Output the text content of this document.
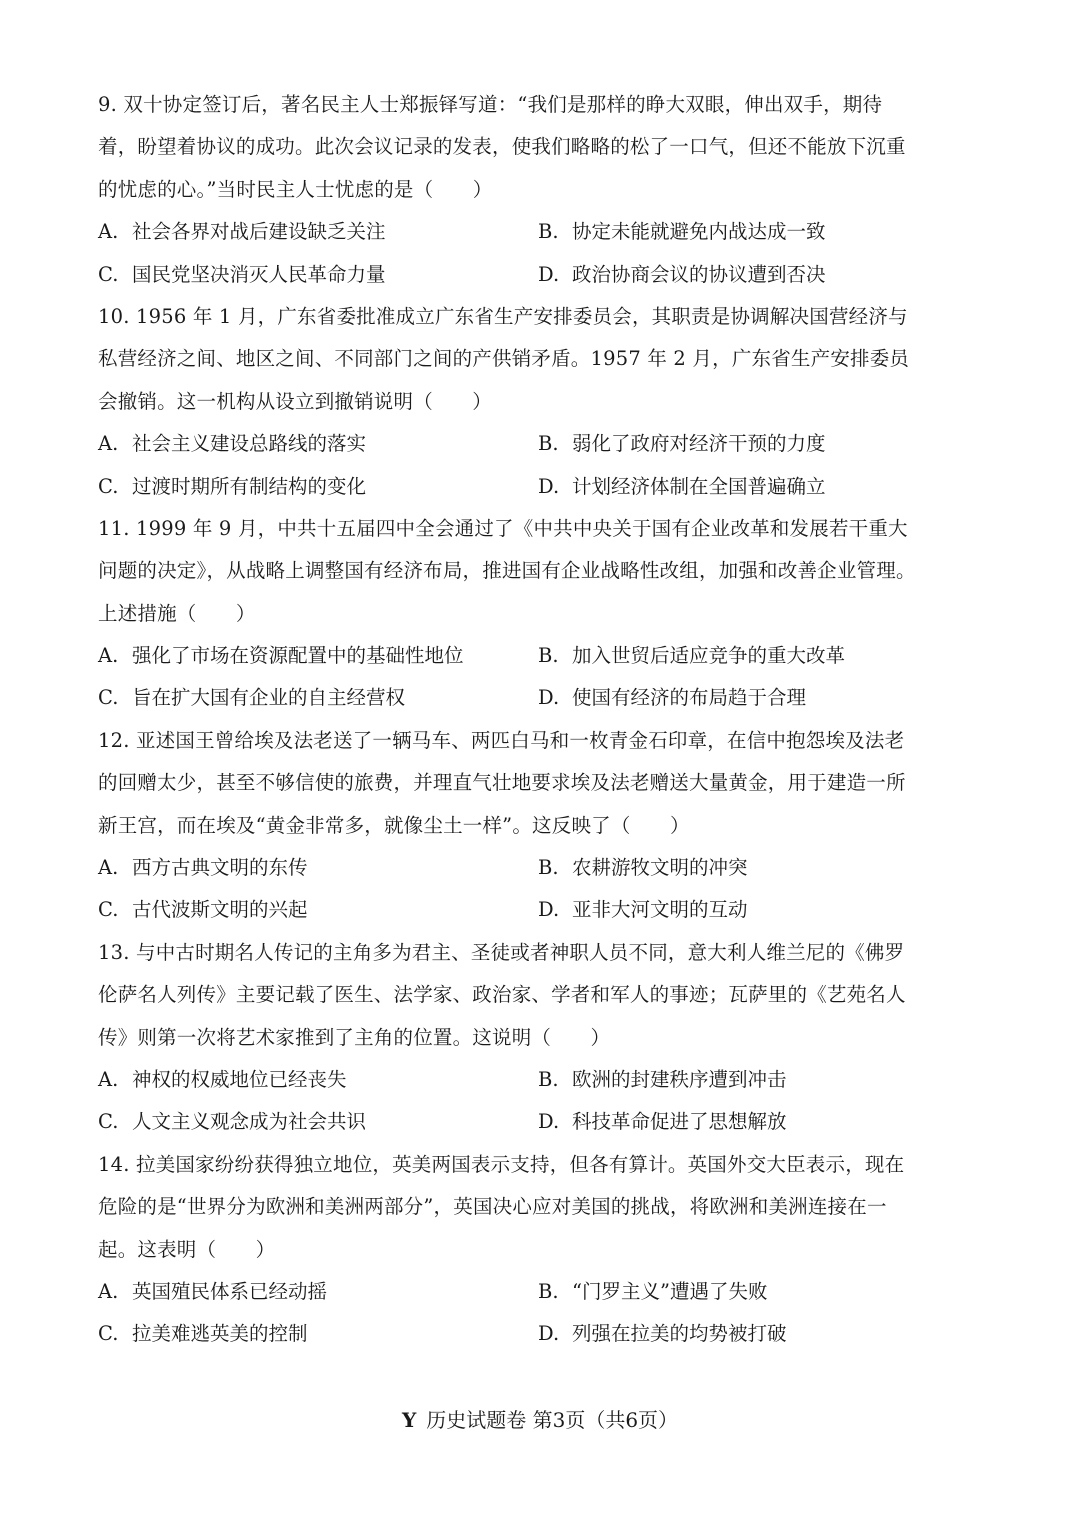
9. 双十协定签订后，著名民主人士郑振铎写道：“我们是那样的睁大双眼，伸出双手，期待
着，盼望着协议的成功。此次会议记录的发表，使我们略略的松了一口气，但还不能放下沉重
的忧虑的心。”当时民主人士忧虑的是（　　）
A. 社会各界对战后建设缺乏关注	B. 协定未能就避免内战达成一致
C. 国民党坚决消灭人民革命力量	D. 政治协商会议的协议遭到否决
10. 1956 年 1 月，广东省委批准成立广东省生产安排委员会，其职责是协调解决国营经济与
私营经济之间、地区之间、不同部门之间的产供销矛盾。1957 年 2 月，广东省生产安排委员
会撤销。这一机构从设立到撤销说明（　　）
A. 社会主义建设总路线的落实	B. 弱化了政府对经济干预的力度
C. 过渡时期所有制结构的变化	D. 计划经济体制在全国普遍确立
11. 1999 年 9 月，中共十五届四中全会通过了《中共中央关于国有企业改革和发展若干重大
问题的决定》，从战略上调整国有经济布局，推进国有企业战略性改组，加强和改善企业管理。
上述措施（　　）
A. 强化了市场在资源配置中的基础性地位	B. 加入世贸后适应竞争的重大改革
C. 旨在扩大国有企业的自主经营权	D. 使国有经济的布局趋于合理
12. 亚述国王曾给埃及法老送了一辆马车、两匹白马和一枚青金石印章，在信中抱怨埃及法老
的回赠太少，甚至不够信使的旅费，并理直气壮地要求埃及法老赠送大量黄金，用于建造一所
新王宫，而在埃及“黄金非常多，就像尘土一样”。这反映了（　　）
A. 西方古典文明的东传	B. 农耕游牧文明的冲突
C. 古代波斯文明的兴起	D. 亚非大河文明的互动
13. 与中古时期名人传记的主角多为君主、圣徒或者神职人员不同，意大利人维兰尼的《佛罗
伦萨名人列传》主要记载了医生、法学家、政治家、学者和军人的事迹；瓦萨里的《艺苑名人
传》则第一次将艺术家推到了主角的位置。这说明（　　）
A. 神权的权威地位已经丧失	B. 欧洲的封建秩序遭到冲击
C. 人文主义观念成为社会共识	D. 科技革命促进了思想解放
14. 拉美国家纷纷获得独立地位，英美两国表示支持，但各有算计。英国外交大臣表示，现在
危险的是“世界分为欧洲和美洲两部分”，英国决心应对美国的挑战，将欧洲和美洲连接在一
起。这表明（　　）
A. 英国殖民体系已经动摇	B. “门罗主义”遭遇了失败
C. 拉美难逃英美的控制	D. 列强在拉美的均势被打破
Y 历史试题卷 第3页（共6页）
